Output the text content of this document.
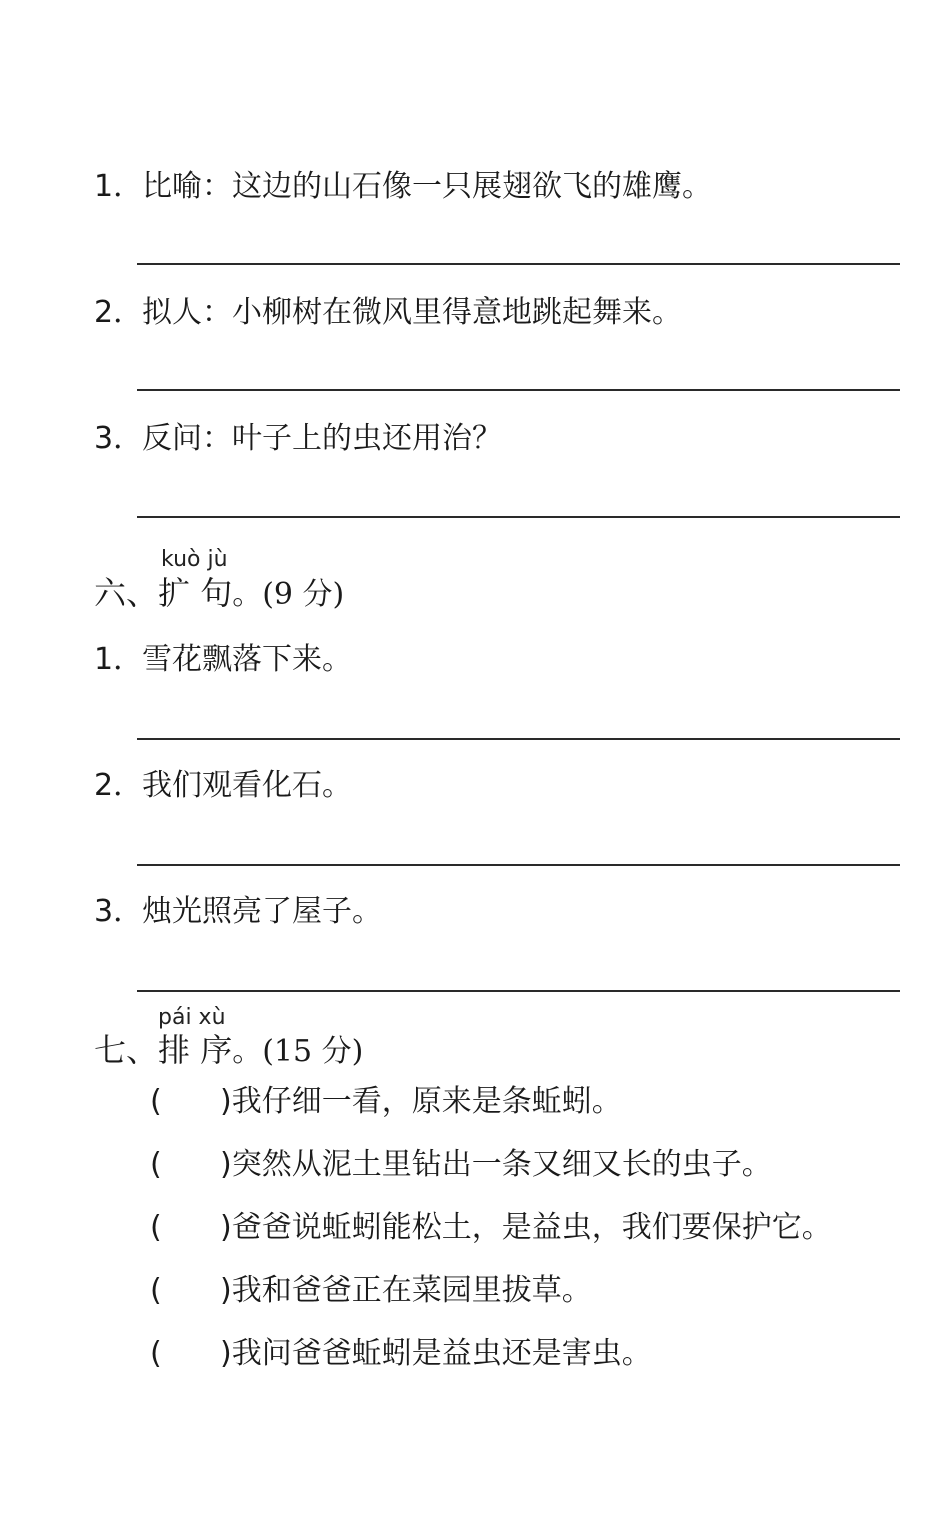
1．比喻：这边的山石像一只展翅欲飞的雄鹰。
2．拟人：小柳树在微风里得意地跳起舞来。
3．反问：叶子上的虫还用治？
kuò jù
六、扩 句。(9 分)
1．雪花飘落下来。
2．我们观看化石。
3．烛光照亮了屋子。
pái xù
七、排 序。(15 分)
( )我仔细一看，原来是条蚯蚓。
( )突然从泥土里钻出一条又细又长的虫子。
( )爸爸说蚯蚓能松土，是益虫，我们要保护它。
( )我和爸爸正在菜园里拔草。
( )我问爸爸蚯蚓是益虫还是害虫。
